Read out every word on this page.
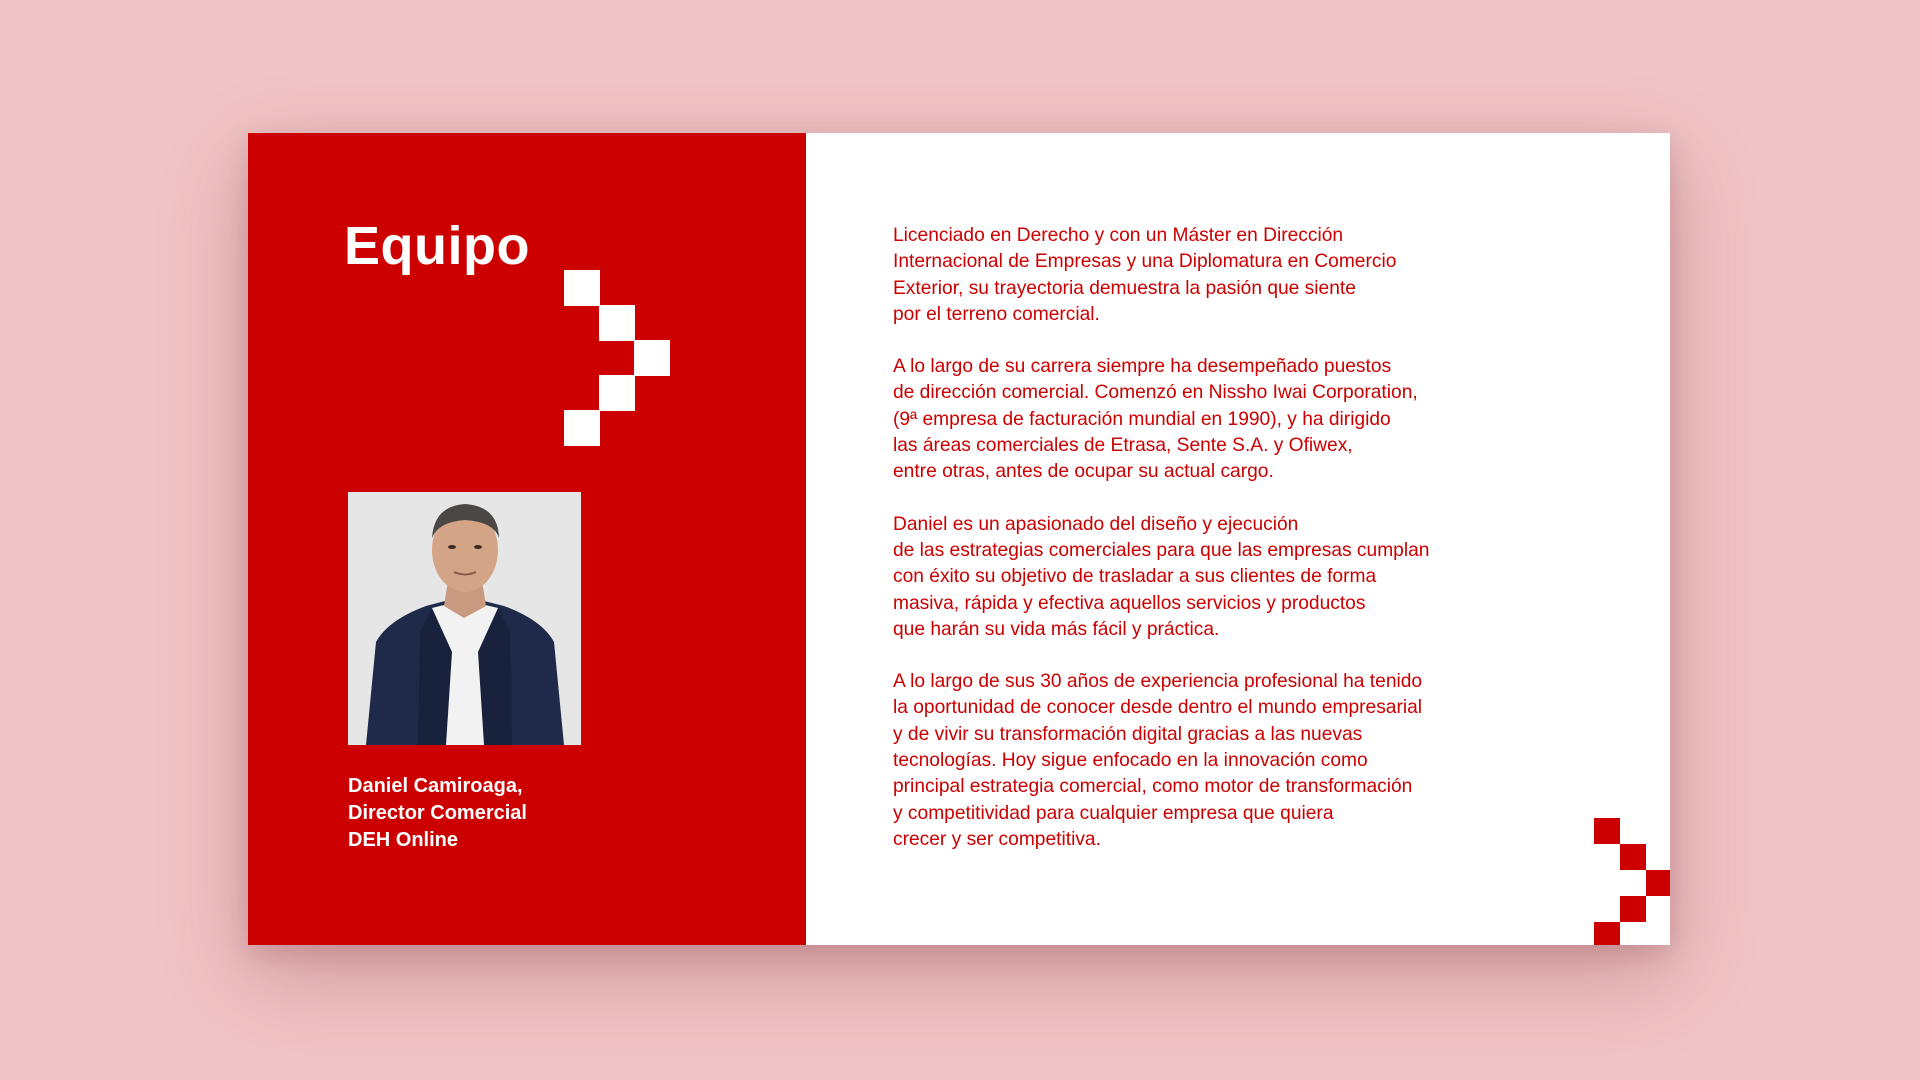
Equipo
Daniel Camiroaga,
Director Comercial
DEH Online

Licenciado en Derecho y con un Máster en Dirección
Internacional de Empresas y una Diplomatura en Comercio
Exterior, su trayectoria demuestra la pasión que siente
por el terreno comercial.

A lo largo de su carrera siempre ha desempeñado puestos
de dirección comercial. Comenzó en Nissho Iwai Corporation,
(9ª empresa de facturación mundial en 1990), y ha dirigido
las áreas comerciales de Etrasa, Sente S.A. y Ofiwex,
entre otras, antes de ocupar su actual cargo.

Daniel es un apasionado del diseño y ejecución
de las estrategias comerciales para que las empresas cumplan
con éxito su objetivo de trasladar a sus clientes de forma
masiva, rápida y efectiva aquellos servicios y productos
que harán su vida más fácil y práctica.

A lo largo de sus 30 años de experiencia profesional ha tenido
la oportunidad de conocer desde dentro el mundo empresarial
y de vivir su transformación digital gracias a las nuevas
tecnologías. Hoy sigue enfocado en la innovación como
principal estrategia comercial, como motor de transformación
y competitividad para cualquier empresa que quiera
crecer y ser competitiva.
